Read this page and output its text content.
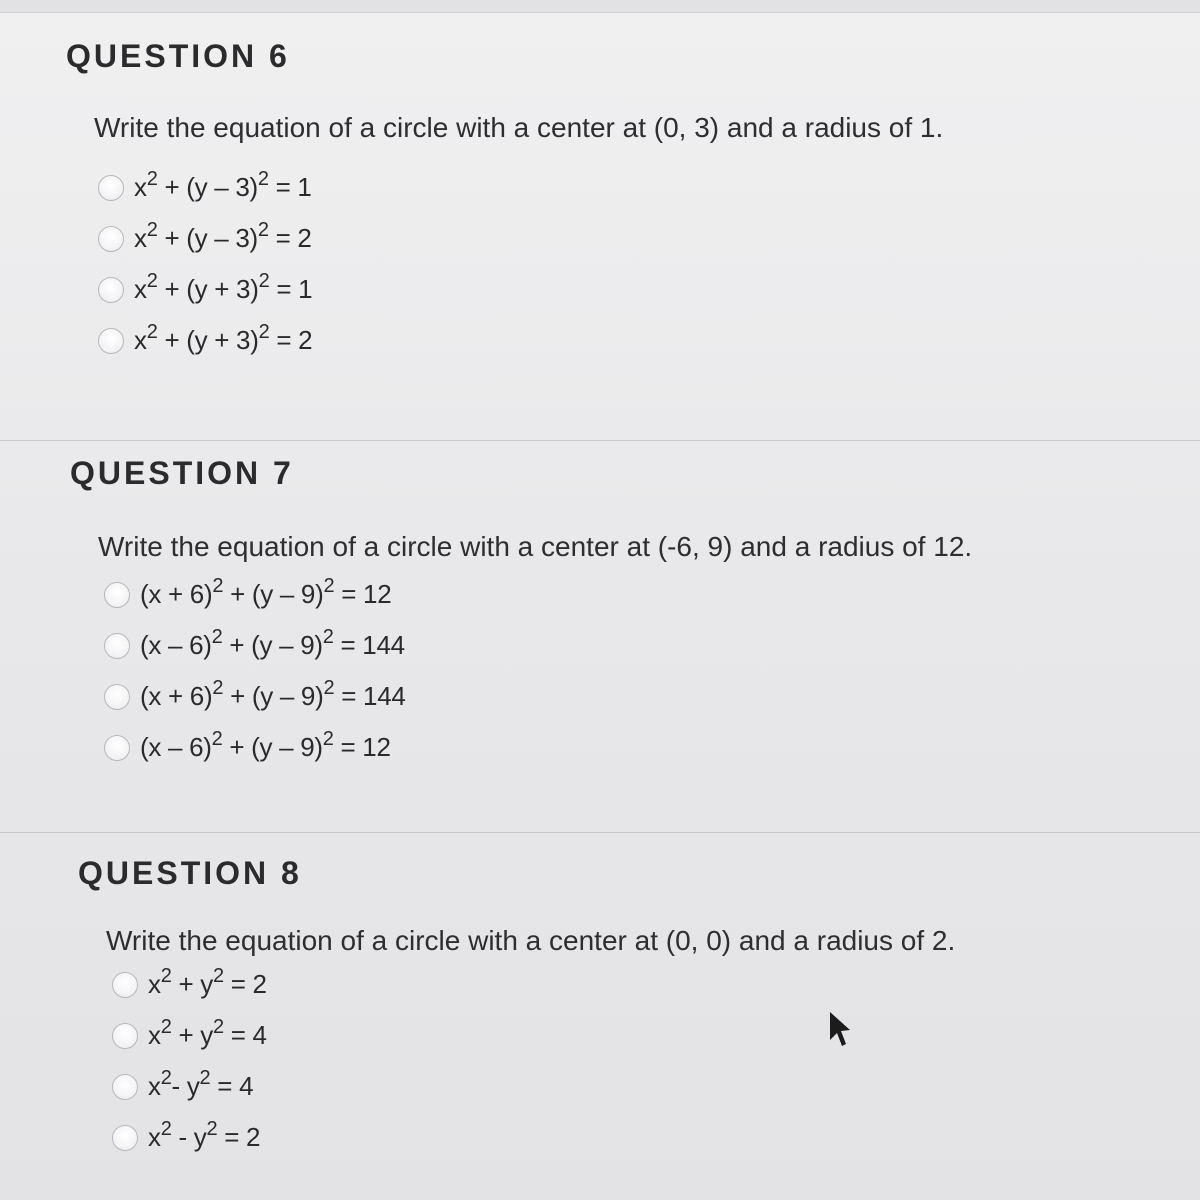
QUESTION 6
Write the equation of a circle with a center at (0, 3) and a radius of 1.
$x^2 + (y - 3)^2 = 1$
$x^2 + (y - 3)^2 = 2$
$x^2 + (y + 3)^2 = 1$
$x^2 + (y + 3)^2 = 2$
QUESTION 7
Write the equation of a circle with a center at (-6, 9) and a radius of 12.
$(x + 6)^2 + (y - 9)^2 = 12$
(x – 6)$^2$ + (y – 9)$^2$ = 144
$(x + 6)^2 + (y - 9)^2 = 144$
(x – 6)$^2$ + (y – 9)$^2$ = 12
QUESTION 8
Write the equation of a circle with a center at (0, 0) and a radius of 2.
$x^2 + y^2 = 2$
$x^2 + y^2 = 4$
$x^2-$ $y^2 = 4$
$x^2 - y^2 = 2$
